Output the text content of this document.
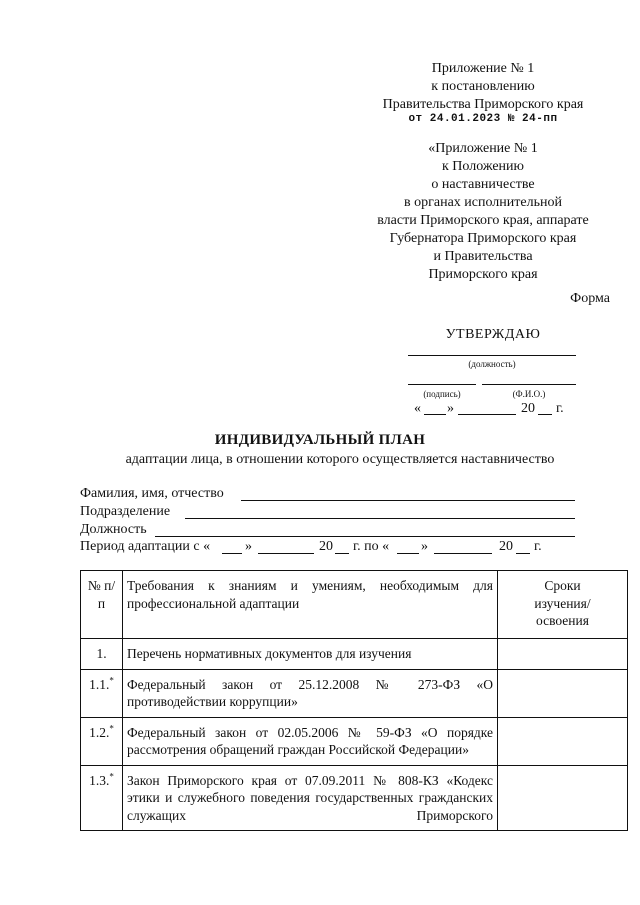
Приложение № 1
к постановлению
Правительства Приморского края
от 24.01.2023 № 24-пп
«Приложение № 1
к Положению
о наставничестве
в органах исполнительной
власти Приморского края, аппарате
Губернатора Приморского края
и Правительства
Приморского края
Форма
УТВЕРЖДАЮ
(должность)
(подпись)	(Ф.И.О.)
« »	20 г.
ИНДИВИДУАЛЬНЫЙ ПЛАН
адаптации лица, в отношении которого осуществляется наставничество
Фамилия, имя, отчество
Подразделение
Должность
Период адаптации с « »	20 г. по « »	20 г.
№ п/п	Требования к знаниям и умениям, необходимым для профессиональной адаптации	Сроки изучения/ освоения
1.	Перечень нормативных документов для изучения	
1.1.*	Федеральный закон от 25.12.2008 № 273-ФЗ «О противодействии коррупции»	
1.2.*	Федеральный закон от 02.05.2006 № 59-ФЗ «О порядке рассмотрения обращений граждан Российской Федерации»	
1.3.*	Закон Приморского края от 07.09.2011 № 808-КЗ «Кодекс этики и служебного поведения государственных гражданских служащих Приморского	
